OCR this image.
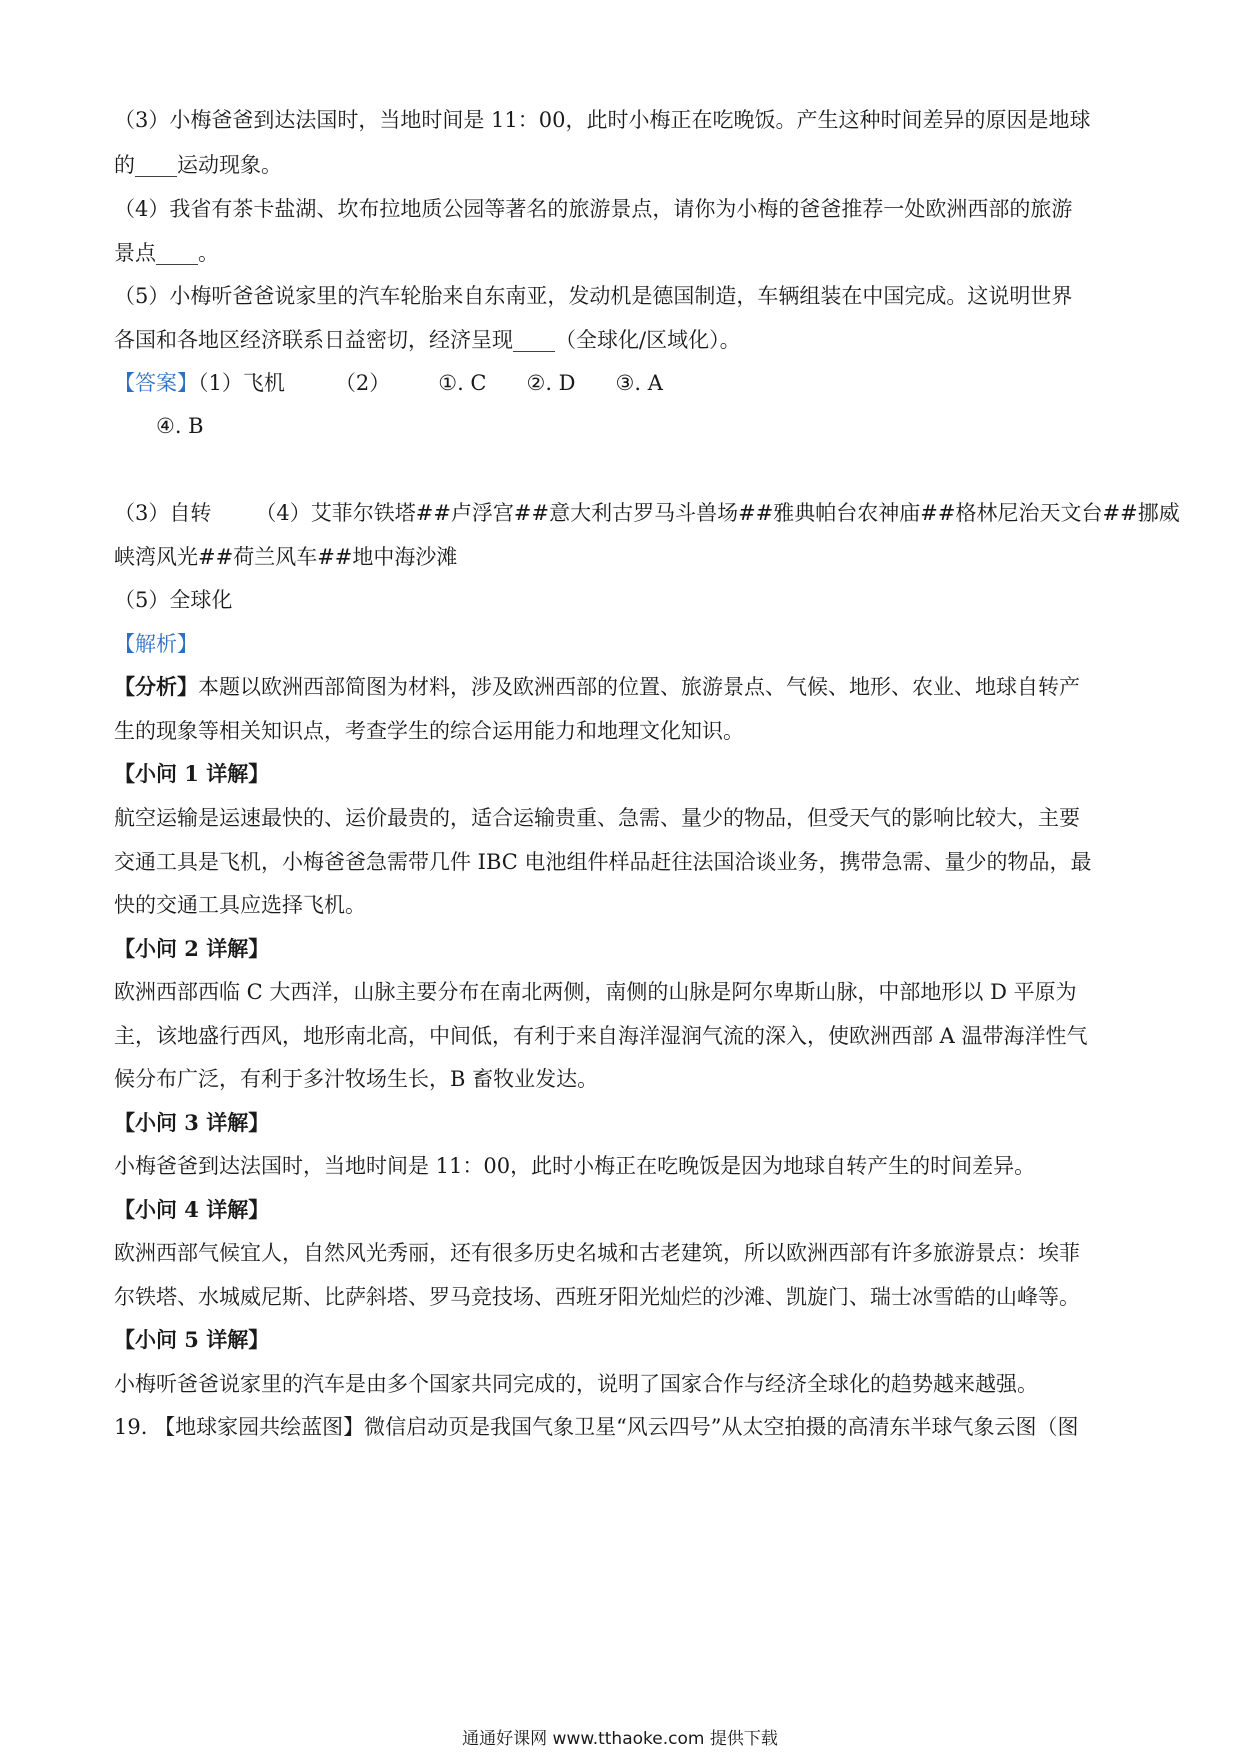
（3）小梅爸爸到达法国时，当地时间是 11：00，此时小梅正在吃晚饭。产生这种时间差异的原因是地球
的____运动现象。
（4）我省有茶卡盐湖、坎布拉地质公园等著名的旅游景点，请你为小梅的爸爸推荐一处欧洲西部的旅游
景点____。
（5）小梅听爸爸说家里的汽车轮胎来自东南亚，发动机是德国制造，车辆组装在中国完成。这说明世界
各国和各地区经济联系日益密切，经济呈现____（全球化/区域化）。
【答案】（1）飞机 （2） ①. C ②. D ③. A
④. B
（3）自转 （4）艾菲尔铁塔##卢浮宫##意大利古罗马斗兽场##雅典帕台农神庙##格林尼治天文台##挪威
峡湾风光##荷兰风车##地中海沙滩
（5）全球化
【解析】
【分析】本题以欧洲西部简图为材料，涉及欧洲西部的位置、旅游景点、气候、地形、农业、地球自转产
生的现象等相关知识点，考查学生的综合运用能力和地理文化知识。
【小问 1 详解】
航空运输是运速最快的、运价最贵的，适合运输贵重、急需、量少的物品，但受天气的影响比较大，主要
交通工具是飞机，小梅爸爸急需带几件 IBC 电池组件样品赶往法国洽谈业务，携带急需、量少的物品，最
快的交通工具应选择飞机。
【小问 2 详解】
欧洲西部西临 C 大西洋，山脉主要分布在南北两侧，南侧的山脉是阿尔卑斯山脉，中部地形以 D 平原为
主，该地盛行西风，地形南北高，中间低，有利于来自海洋湿润气流的深入，使欧洲西部 A 温带海洋性气
候分布广泛，有利于多汁牧场生长，B 畜牧业发达。
【小问 3 详解】
小梅爸爸到达法国时，当地时间是 11：00，此时小梅正在吃晚饭是因为地球自转产生的时间差异。
【小问 4 详解】
欧洲西部气候宜人，自然风光秀丽，还有很多历史名城和古老建筑，所以欧洲西部有许多旅游景点：埃菲
尔铁塔、水城威尼斯、比萨斜塔、罗马竞技场、西班牙阳光灿烂的沙滩、凯旋门、瑞士冰雪皓的山峰等。
【小问 5 详解】
小梅听爸爸说家里的汽车是由多个国家共同完成的，说明了国家合作与经济全球化的趋势越来越强。
19. 【地球家园共绘蓝图】微信启动页是我国气象卫星“风云四号”从太空拍摄的高清东半球气象云图（图
通通好课网 www.tthaoke.com 提供下载
